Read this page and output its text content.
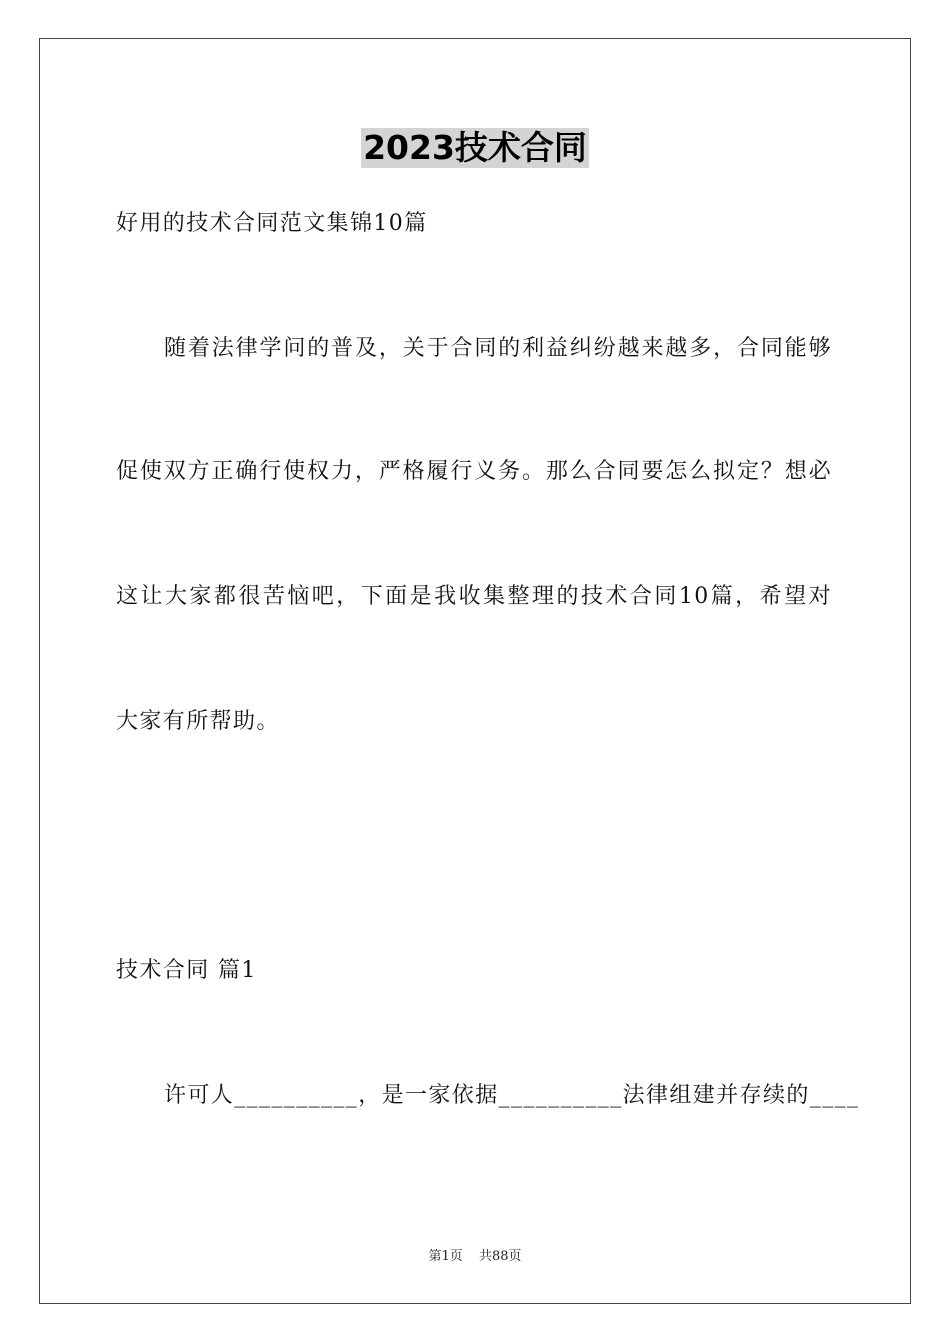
2023技术合同
好用的技术合同范文集锦10篇
随着法律学问的普及，关于合同的利益纠纷越来越多，合同能够
促使双方正确行使权力，严格履行义务。那么合同要怎么拟定？想必
这让大家都很苦恼吧，下面是我收集整理的技术合同10篇，希望对
大家有所帮助。
技术合同 篇1
许可人__________，是一家依据__________法律组建并存续的____
第1页 共88页
